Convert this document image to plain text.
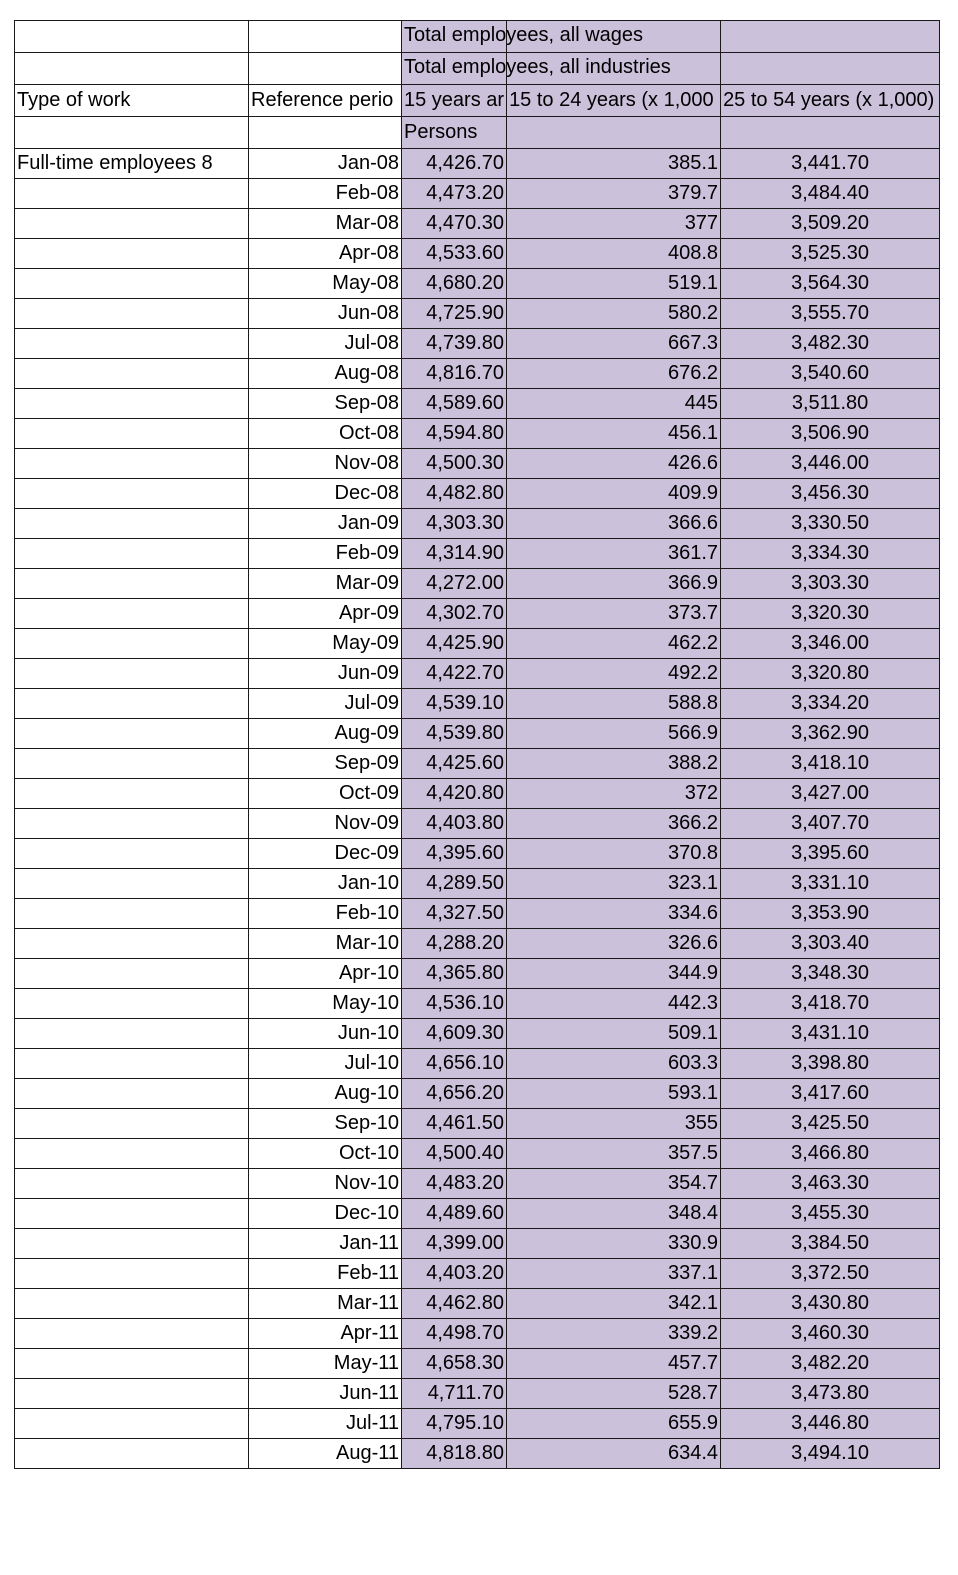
		Total employees, all wages		

		Total employees, all industries		

Type of work	Reference perio	15 years ar	15 to 24 years (x 1,000	25 to 54 years (x 1,000)
		Persons		
Full-time employees 8	Jan-08	4,426.70	385.1	3,441.70
	Feb-08	4,473.20	379.7	3,484.40
	Mar-08	4,470.30	377	3,509.20
	Apr-08	4,533.60	408.8	3,525.30
	May-08	4,680.20	519.1	3,564.30
	Jun-08	4,725.90	580.2	3,555.70
	Jul-08	4,739.80	667.3	3,482.30
	Aug-08	4,816.70	676.2	3,540.60
	Sep-08	4,589.60	445	3,511.80
	Oct-08	4,594.80	456.1	3,506.90
	Nov-08	4,500.30	426.6	3,446.00
	Dec-08	4,482.80	409.9	3,456.30
	Jan-09	4,303.30	366.6	3,330.50
	Feb-09	4,314.90	361.7	3,334.30
	Mar-09	4,272.00	366.9	3,303.30
	Apr-09	4,302.70	373.7	3,320.30
	May-09	4,425.90	462.2	3,346.00
	Jun-09	4,422.70	492.2	3,320.80
	Jul-09	4,539.10	588.8	3,334.20
	Aug-09	4,539.80	566.9	3,362.90
	Sep-09	4,425.60	388.2	3,418.10
	Oct-09	4,420.80	372	3,427.00
	Nov-09	4,403.80	366.2	3,407.70
	Dec-09	4,395.60	370.8	3,395.60
	Jan-10	4,289.50	323.1	3,331.10
	Feb-10	4,327.50	334.6	3,353.90
	Mar-10	4,288.20	326.6	3,303.40
	Apr-10	4,365.80	344.9	3,348.30
	May-10	4,536.10	442.3	3,418.70
	Jun-10	4,609.30	509.1	3,431.10
	Jul-10	4,656.10	603.3	3,398.80
	Aug-10	4,656.20	593.1	3,417.60
	Sep-10	4,461.50	355	3,425.50
	Oct-10	4,500.40	357.5	3,466.80
	Nov-10	4,483.20	354.7	3,463.30
	Dec-10	4,489.60	348.4	3,455.30
	Jan-11	4,399.00	330.9	3,384.50
	Feb-11	4,403.20	337.1	3,372.50
	Mar-11	4,462.80	342.1	3,430.80
	Apr-11	4,498.70	339.2	3,460.30
	May-11	4,658.30	457.7	3,482.20
	Jun-11	4,711.70	528.7	3,473.80
	Jul-11	4,795.10	655.9	3,446.80
	Aug-11	4,818.80	634.4	3,494.10
